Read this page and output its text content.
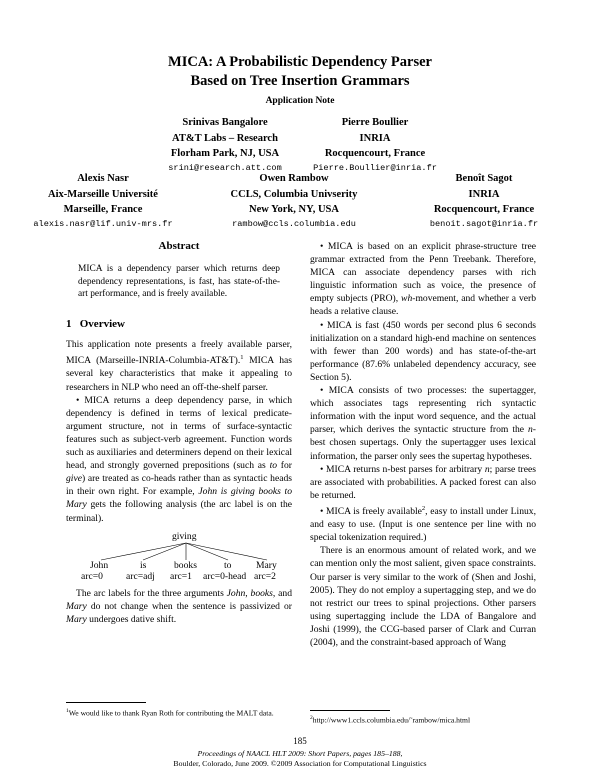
MICA: A Probabilistic Dependency Parser
Based on Tree Insertion Grammars
Application Note
Srinivas Bangalore
AT&T Labs – Research
Florham Park, NJ, USA
srini@research.att.com
Pierre Boullier
INRIA
Rocquencourt, France
Pierre.Boullier@inria.fr
Alexis Nasr
Aix-Marseille Université
Marseille, France
alexis.nasr@lif.univ-mrs.fr
Owen Rambow
CCLS, Columbia Univserity
New York, NY, USA
rambow@ccls.columbia.edu
Benoît Sagot
INRIA
Rocquencourt, France
benoit.sagot@inria.fr
Abstract
MICA is a dependency parser which returns deep dependency representations, is fast, has state-of-the-art performance, and is freely available.
1 Overview

This application note presents a freely available parser, MICA (Marseille-INRIA-Columbia-AT&T).$^1$ MICA has several key characteristics that make it appealing to researchers in NLP who need an off-the-shelf parser.

• MICA returns a deep dependency parse, in which dependency is defined in terms of lexical predicate-argument structure, not in terms of surface-syntactic features such as subject-verb agreement. Function words such as auxiliaries and determiners depend on their lexical head, and strongly governed prepositions (such as to for give) are treated as co-heads rather than as syntactic heads in their own right. For example, John is giving books to Mary gets the following analysis (the arc label is on the terminal).

giving
John	is	books	to	Mary
arc=0 arc=adj arc=1 arc=0-head arc=2

The arc labels for the three arguments John, books, and Mary do not change when the sentence is passivized or Mary undergoes dative shift.

$^1$We would like to thank Ryan Roth for contributing the MALT data.

• MICA is based on an explicit phrase-structure tree grammar extracted from the Penn Treebank. Therefore, MICA can associate dependency parses with rich linguistic information such as voice, the presence of empty subjects (PRO), wh-movement, and whether a verb heads a relative clause.

• MICA is fast (450 words per second plus 6 seconds initialization on a standard high-end machine on sentences with fewer than 200 words) and has state-of-the-art performance (87.6% unlabeled dependency accuracy, see Section 5).

• MICA consists of two processes: the supertagger, which associates tags representing rich syntactic information with the input word sequence, and the actual parser, which derives the syntactic structure from the n-best chosen supertags. Only the supertagger uses lexical information, the parser only sees the supertag hypotheses.

• MICA returns n-best parses for arbitrary n; parse trees are associated with probabilities. A packed forest can also be returned.

• MICA is freely available$^2$, easy to install under Linux, and easy to use. (Input is one sentence per line with no special tokenization required.)

There is an enormous amount of related work, and we can mention only the most salient, given space constraints. Our parser is very similar to the work of (Shen and Joshi, 2005). They do not employ a supertagging step, and we do not restrict our trees to spinal projections. Other parsers using supertagging include the LDA of Bangalore and Joshi (1999), the CCG-based parser of Clark and Curran (2004), and the constraint-based approach of Wang

$^2$http://www1.ccls.columbia.edu/˜rambow/mica.html
185
Proceedings of NAACL HLT 2009: Short Papers, pages 185–188,
Boulder, Colorado, June 2009. ©2009 Association for Computational Linguistics
